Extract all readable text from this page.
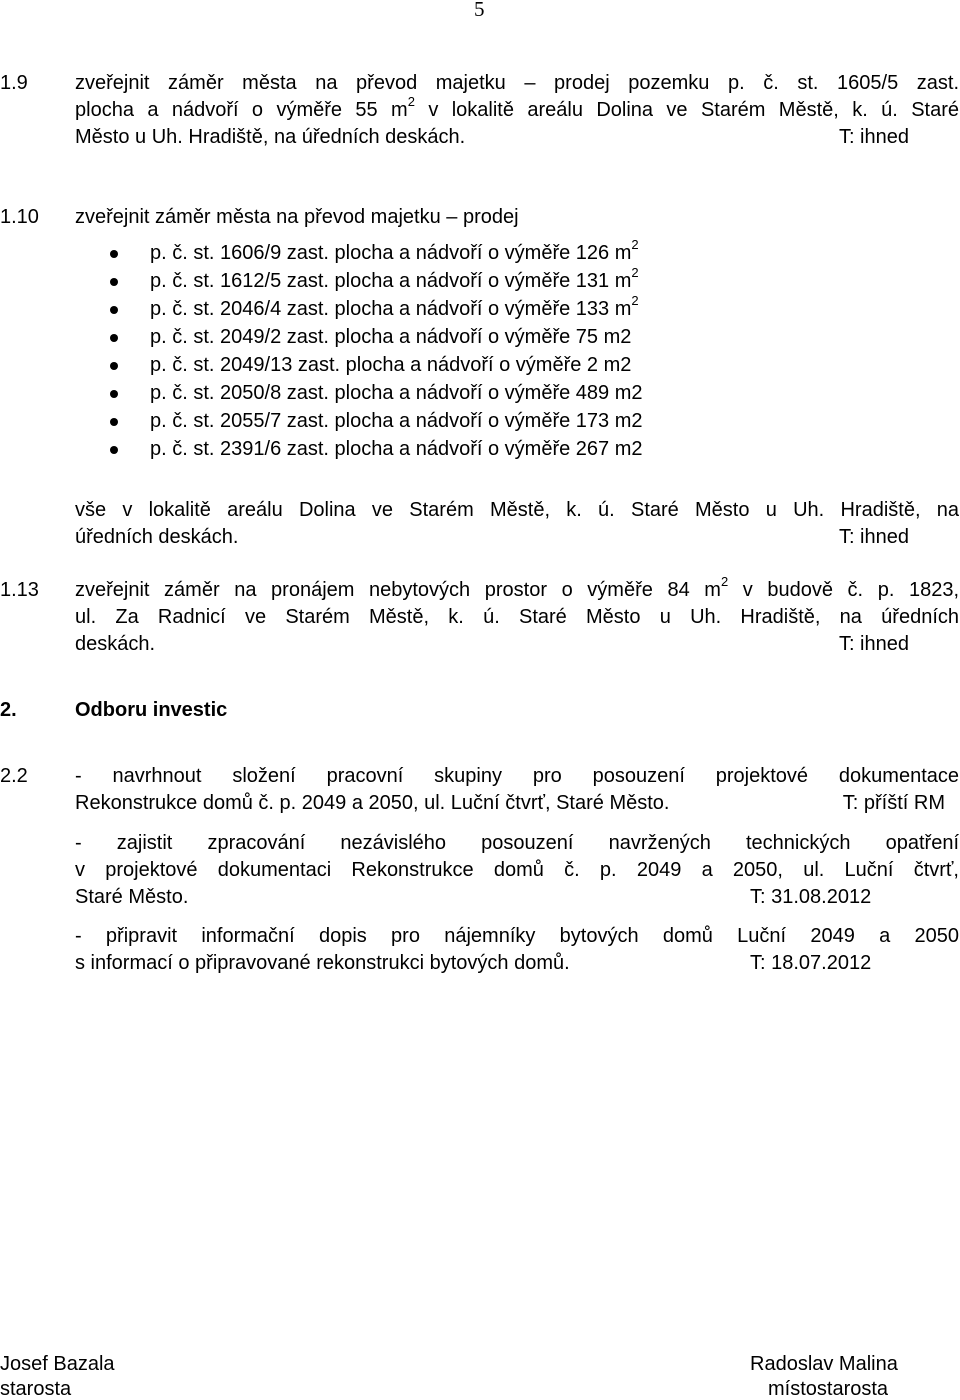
5
1.9 zveřejnit záměr města na převod majetku – prodej pozemku p. č. st. 1605/5 zast.
plocha a nádvoří o výměře 55 $m^2$ v lokalitě areálu Dolina ve Starém Městě, k. ú. Staré
Město u Uh. Hradiště, na úředních deskách.	T: ihned
1.10 zveřejnit záměr města na převod majetku – prodej
p. č. st. 1606/9 zast. plocha a nádvoří o výměře 126 $m^2$
p. č. st. 1612/5 zast. plocha a nádvoří o výměře 131 $m^2$
p. č. st. 2046/4 zast. plocha a nádvoří o výměře 133 $m^2$
p. č. st. 2049/2 zast. plocha a nádvoří o výměře 75 m2
p. č. st. 2049/13 zast. plocha a nádvoří o výměře 2 m2
p. č. st. 2050/8 zast. plocha a nádvoří o výměře 489 m2
p. č. st. 2055/7 zast. plocha a nádvoří o výměře 173 m2
p. č. st. 2391/6 zast. plocha a nádvoří o výměře 267 m2
vše v lokalitě areálu Dolina ve Starém Městě, k. ú. Staré Město u Uh. Hradiště, na
úředních deskách.	T: ihned
1.13 zveřejnit záměr na pronájem nebytových prostor o výměře 84 $m^2$ v budově č. p. 1823,
ul. Za Radnicí ve Starém Městě, k. ú. Staré Město u Uh. Hradiště, na úředních
deskách.	T: ihned
2.	Odboru investic
2.2 - navrhnout složení pracovní skupiny pro posouzení projektové dokumentace
Rekonstrukce domů č. p. 2049 a 2050, ul. Luční čtvrť, Staré Město.	T: příští RM
- zajistit zpracování nezávislého posouzení navržených technických opatření
v projektové dokumentaci Rekonstrukce domů č. p. 2049 a 2050, ul. Luční čtvrť,
Staré Město.	T: 31.08.2012
- připravit informační dopis pro nájemníky bytových domů Luční 2049 a 2050
s informací o připravované rekonstrukci bytových domů.	T: 18.07.2012
Josef Bazala
starosta
Radoslav Malina
místostarosta
